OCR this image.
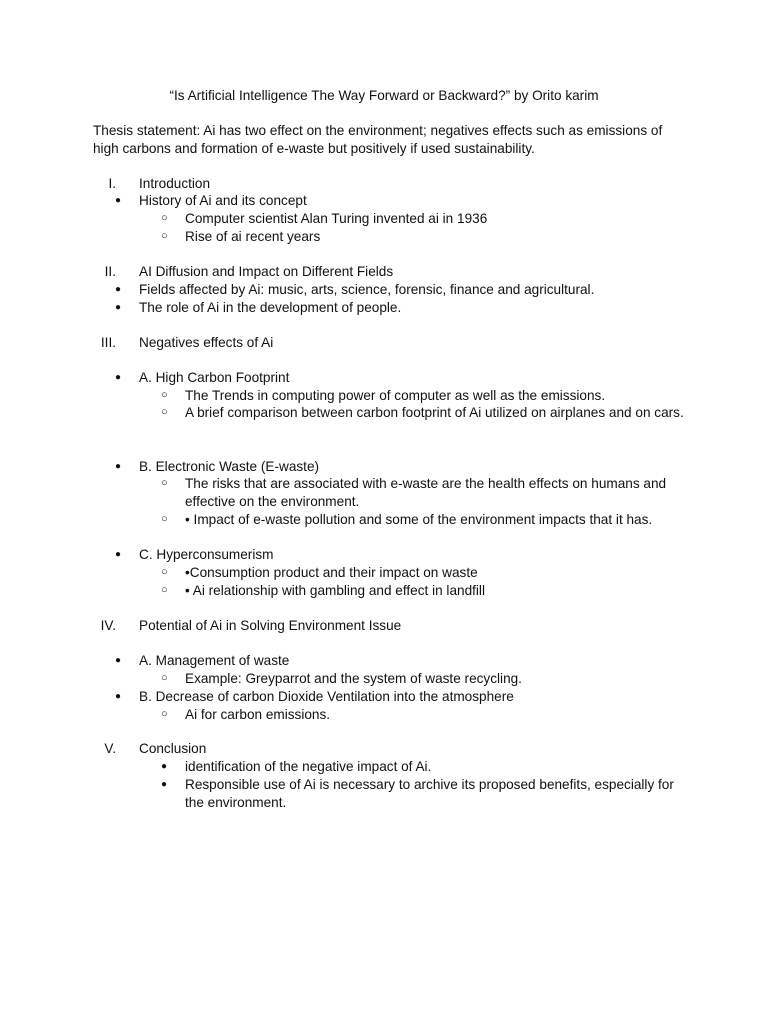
“Is Artificial Intelligence The Way Forward or Backward?” by Orito karim
Thesis statement: Ai has two effect on the environment; negatives effects such as emissions of high carbons and formation of e-waste but positively if used sustainability.
I. Introduction
● History of Ai and its concept
○ Computer scientist Alan Turing invented ai in 1936
○ Rise of ai recent years
II. AI Diffusion and Impact on Different Fields
● Fields affected by Ai: music, arts, science, forensic, finance and agricultural.
● The role of Ai in the development of people.
III. Negatives effects of Ai
● A. High Carbon Footprint
○ The Trends in computing power of computer as well as the emissions.
○ A brief comparison between carbon footprint of Ai utilized on airplanes and on cars.
● B. Electronic Waste (E-waste)
○ The risks that are associated with e-waste are the health effects on humans and effective on the environment.
○ • Impact of e-waste pollution and some of the environment impacts that it has.
● C. Hyperconsumerism
○ •Consumption product and their impact on waste
○ • Ai relationship with gambling and effect in landfill
IV. Potential of Ai in Solving Environment Issue
● A. Management of waste
○ Example: Greyparrot and the system of waste recycling.
● B. Decrease of carbon Dioxide Ventilation into the atmosphere
○ Ai for carbon emissions.
V. Conclusion
● identification of the negative impact of Ai.
● Responsible use of Ai is necessary to archive its proposed benefits, especially for the environment.
